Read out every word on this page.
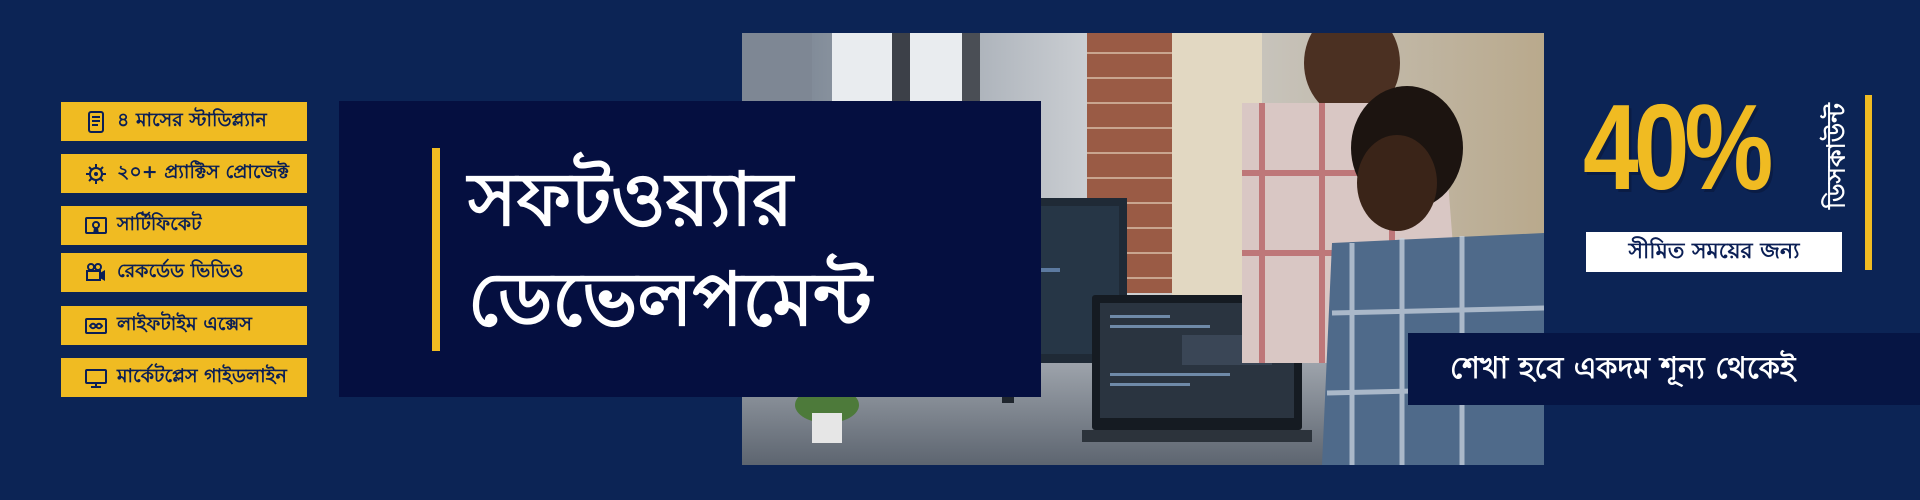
৪ মাসের স্টাডিপ্ল্যান
২০+ প্র্যাক্টিস প্রোজেক্ট
সার্টিফিকেট
রেকর্ডেড ভিডিও
লাইফটাইম এক্সেস
মার্কেটপ্লেস গাইডলাইন
সফটওয়্যার
ডেভেলপমেন্ট
40% ডিসকাউন্ট
সীমিত সময়ের জন্য
শেখা হবে একদম শূন্য থেকেই
